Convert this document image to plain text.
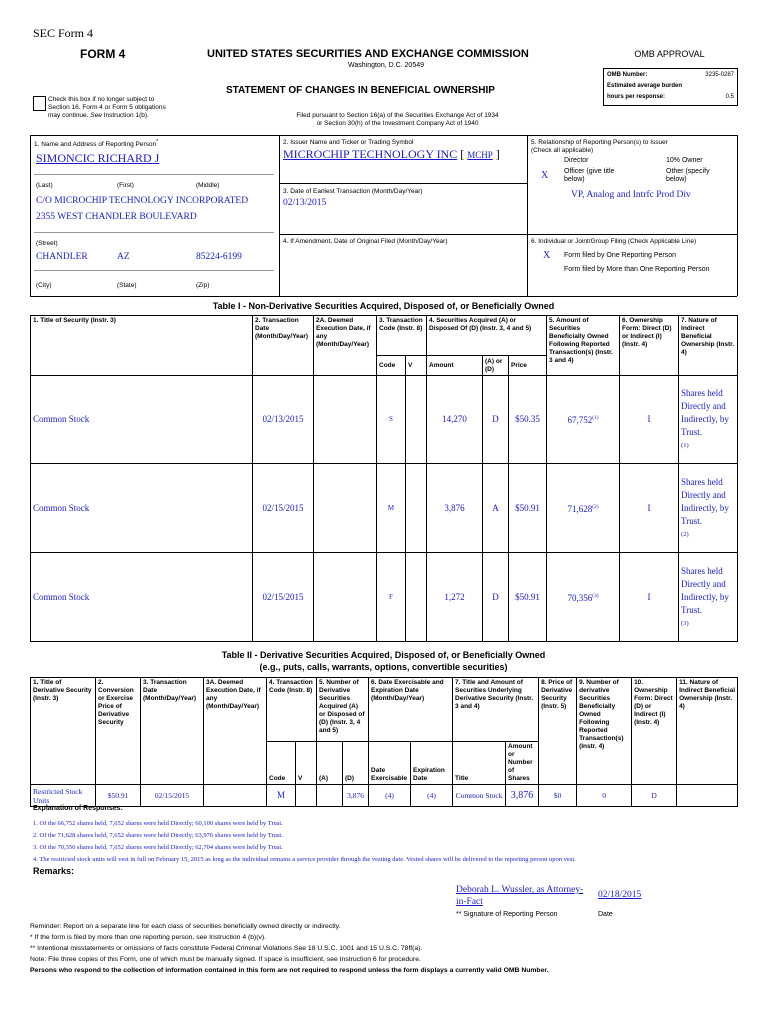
SEC Form 4
FORM 4	UNITED STATES SECURITIES AND EXCHANGE COMMISSION
Washington, D.C. 20549
STATEMENT OF CHANGES IN BENEFICIAL OWNERSHIP
Check this box if no longer subject to Section 16. Form 4 or Form 5 obligations may continue. See Instruction 1(b).	Filed pursuant to Section 16(a) of the Securities Exchange Act of 1934
or Section 30(h) of the Investment Company Act of 1940
OMB APPROVAL
OMB Number:	3235-0287
Estimated average burden
hours per response:	0.5
1. Name and Address of Reporting Person*
SIMONCIC RICHARD J
(Last)	(First)	(Middle)
C/O MICROCHIP TECHNOLOGY INCORPORATED
2355 WEST CHANDLER BOULEVARD
(Street)
CHANDLER	AZ	85224-6199
(City)	(State)	(Zip)
2. Issuer Name and Ticker or Trading Symbol
MICROCHIP TECHNOLOGY INC [ MCHP ]
3. Date of Earliest Transaction (Month/Day/Year)
02/13/2015
4. If Amendment, Date of Original Filed (Month/Day/Year)
5. Relationship of Reporting Person(s) to Issuer
(Check all applicable)
Director	10% Owner
X Officer (give title below)
Other (specify below)
VP, Analog and Intrfc Prod Div
6. Individual or Joint/Group Filing (Check Applicable Line)
X Form filed by One Reporting Person
Form filed by More than One Reporting Person
Table I - Non-Derivative Securities Acquired, Disposed of, or Beneficially Owned
1. Title of Security (Instr. 3)	2. Transaction Date (Month/Day/Year)	2A. Deemed Execution Date, if any (Month/Day/Year)	3. Transaction Code (Instr. 8)		4. Securities Acquired (A) or Disposed Of (D) (Instr. 3, 4 and 5)			5. Amount of Securities Beneficially Owned Following Reported Transaction(s) (Instr. 3 and 4)	6. Ownership Form: Direct (D) or Indirect (I) (Instr. 4)	7. Nature of Indirect Beneficial Ownership (Instr. 4)
			Code	V	Amount	(A) or (D)	Price			
Common Stock	02/13/2015		S		14,270	D	$50.35	67,752$^{(1)}$	I	Shares held Directly and Indirectly, by Trust.
(1)

Common Stock	02/15/2015		M		3,876	A	$50.91	71,628$^{(2)}$	I	Shares held Directly and Indirectly, by Trust.
(2)

Common Stock	02/15/2015		F		1,272	D	$50.91	70,356$^{(3)}$	I	Shares held Directly and Indirectly, by Trust.
(3)
Table II - Derivative Securities Acquired, Disposed of, or Beneficially Owned
(e.g., puts, calls, warrants, options, convertible securities)
1. Title of Derivative Security (Instr. 3)	2. Conversion or Exercise Price of Derivative Security	3. Transaction Date (Month/Day/Year)	3A. Deemed Execution Date, if any (Month/Day/Year)	4. Transaction Code (Instr. 8)		5. Number of Derivative Securities Acquired (A) or Disposed of (D) (Instr. 3, 4 and 5)		6. Date Exercisable and Expiration Date (Month/Day/Year)		7. Title and Amount of Securities Underlying Derivative Security (Instr. 3 and 4)		8. Price of Derivative Security (Instr. 5)	9. Number of derivative Securities Beneficially Owned Following Reported Transaction(s) (Instr. 4)	10. Ownership Form: Direct (D) or Indirect (I) (Instr. 4)	11. Nature of Indirect Beneficial Ownership (Instr. 4)
				Code	V	(A)	(D)	Date Exercisable	Expiration Date	Title	Amount or Number of Shares				
Restricted Stock Units	$50.91	02/15/2015		M			3,876	(4)	(4)	Common Stock	3,876	$0	0	D	
Explanation of Responses:
1. Of the 66,752 shares held, 7,652 shares were held Directly; 60,100 shares were held by Trust.
2. Of the 71,628 shares held, 7,652 shares were held Directly; 63,976 shares were held by Trust.
3. Of the 70,356 shares held, 7,652 shares were held Directly; 62,704 shares were held by Trust.
4. The restricted stock units will vest in full on February 15, 2015 as long as the individual remains a service provider through the vesting date. Vested shares will be delivered to the reporting person upon vest.
Remarks:
Deborah L. Wussler, as Attorney-in-Fact
02/18/2015
** Signature of Reporting Person	Date
Reminder: Report on a separate line for each class of securities beneficially owned directly or indirectly.
* If the form is filed by more than one reporting person, see Instruction 4 (b)(v).
** Intentional misstatements or omissions of facts constitute Federal Criminal Violations See 18 U.S.C. 1001 and 15 U.S.C. 78ff(a).
Note: File three copies of this Form, one of which must be manually signed. If space is insufficient, see Instruction 6 for procedure.
Persons who respond to the collection of information contained in this form are not required to respond unless the form displays a currently valid OMB Number.
